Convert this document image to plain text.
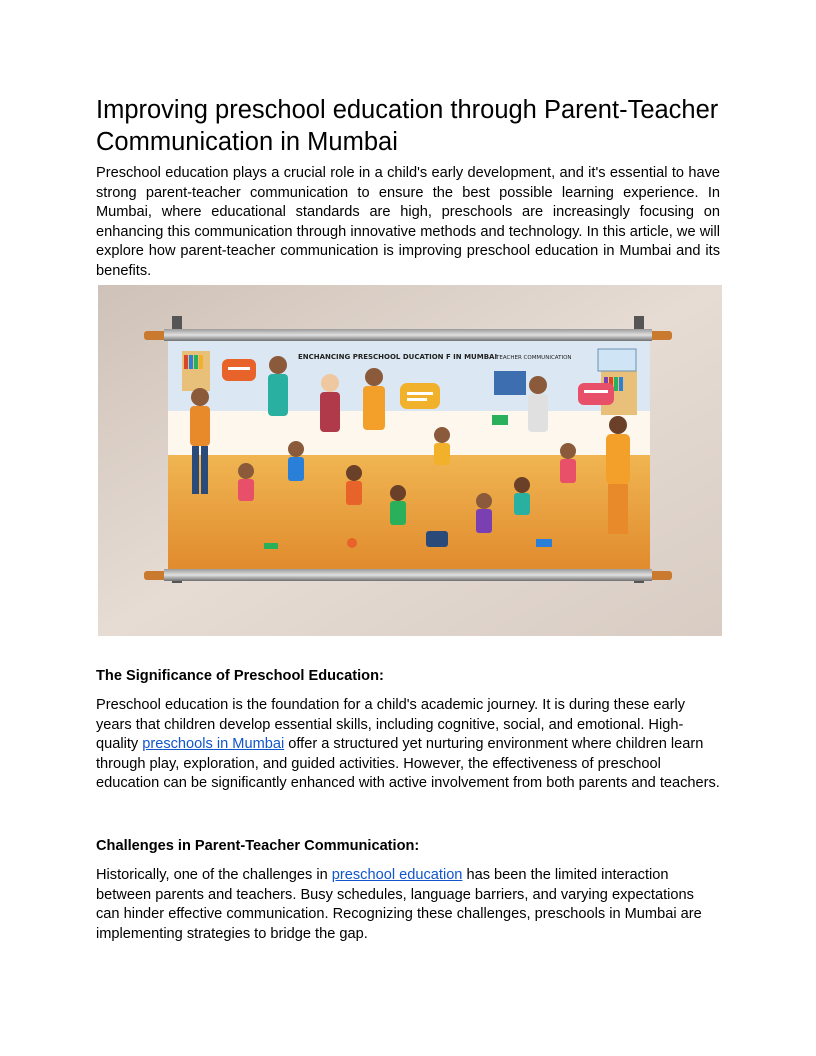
Improving preschool education through Parent-Teacher Communication in Mumbai

Preschool education plays a crucial role in a child's early development, and it's essential to have strong parent-teacher communication to ensure the best possible learning experience. In Mumbai, where educational standards are high, preschools are increasingly focusing on enhancing this communication through innovative methods and technology. In this article, we will explore how parent-teacher communication is improving preschool education in Mumbai and its benefits.

ENCHANCING PRESCHOOL DUCATION F IN MUMBAI
TEACHER COMMUNICATION
The Significance of Preschool Education:

Preschool education is the foundation for a child's academic journey. It is during these early years that children develop essential skills, including cognitive, social, and emotional. High-quality preschools in Mumbai offer a structured yet nurturing environment where children learn through play, exploration, and guided activities. However, the effectiveness of preschool education can be significantly enhanced with active involvement from both parents and teachers.

Challenges in Parent-Teacher Communication:

Historically, one of the challenges in preschool education has been the limited interaction between parents and teachers. Busy schedules, language barriers, and varying expectations can hinder effective communication. Recognizing these challenges, preschools in Mumbai are implementing strategies to bridge the gap.
